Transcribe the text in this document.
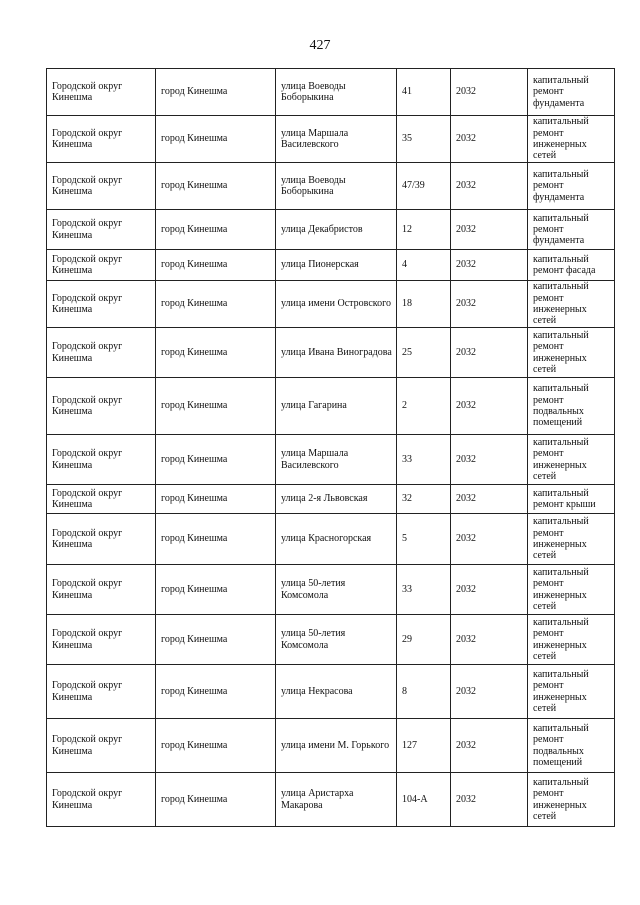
427
Городской округ Кинешма	город Кинешма	улица Воеводы Боборыкина	41	2032	капитальный ремонт фундамента
Городской округ Кинешма	город Кинешма	улица Маршала Василевского	35	2032	капитальный ремонт инженерных сетей
Городской округ Кинешма	город Кинешма	улица Воеводы Боборыкина	47/39	2032	капитальный ремонт фундамента
Городской округ Кинешма	город Кинешма	улица Декабристов	12	2032	капитальный ремонт фундамента
Городской округ Кинешма	город Кинешма	улица Пионерская	4	2032	капитальный ремонт фасада
Городской округ Кинешма	город Кинешма	улица имени Островского	18	2032	капитальный ремонт инженерных сетей
Городской округ Кинешма	город Кинешма	улица Ивана Виноградова	25	2032	капитальный ремонт инженерных сетей
Городской округ Кинешма	город Кинешма	улица Гагарина	2	2032	капитальный ремонт подвальных помещений
Городской округ Кинешма	город Кинешма	улица Маршала Василевского	33	2032	капитальный ремонт инженерных сетей
Городской округ Кинешма	город Кинешма	улица 2-я Львовская	32	2032	капитальный ремонт крыши
Городской округ Кинешма	город Кинешма	улица Красногорская	5	2032	капитальный ремонт инженерных сетей
Городской округ Кинешма	город Кинешма	улица 50-летия Комсомола	33	2032	капитальный ремонт инженерных сетей
Городской округ Кинешма	город Кинешма	улица 50-летия Комсомола	29	2032	капитальный ремонт инженерных сетей
Городской округ Кинешма	город Кинешма	улица Некрасова	8	2032	капитальный ремонт инженерных сетей
Городской округ Кинешма	город Кинешма	улица имени М. Горького	127	2032	капитальный ремонт подвальных помещений
Городской округ Кинешма	город Кинешма	улица Аристарха Макарова	104-А	2032	капитальный ремонт инженерных сетей
